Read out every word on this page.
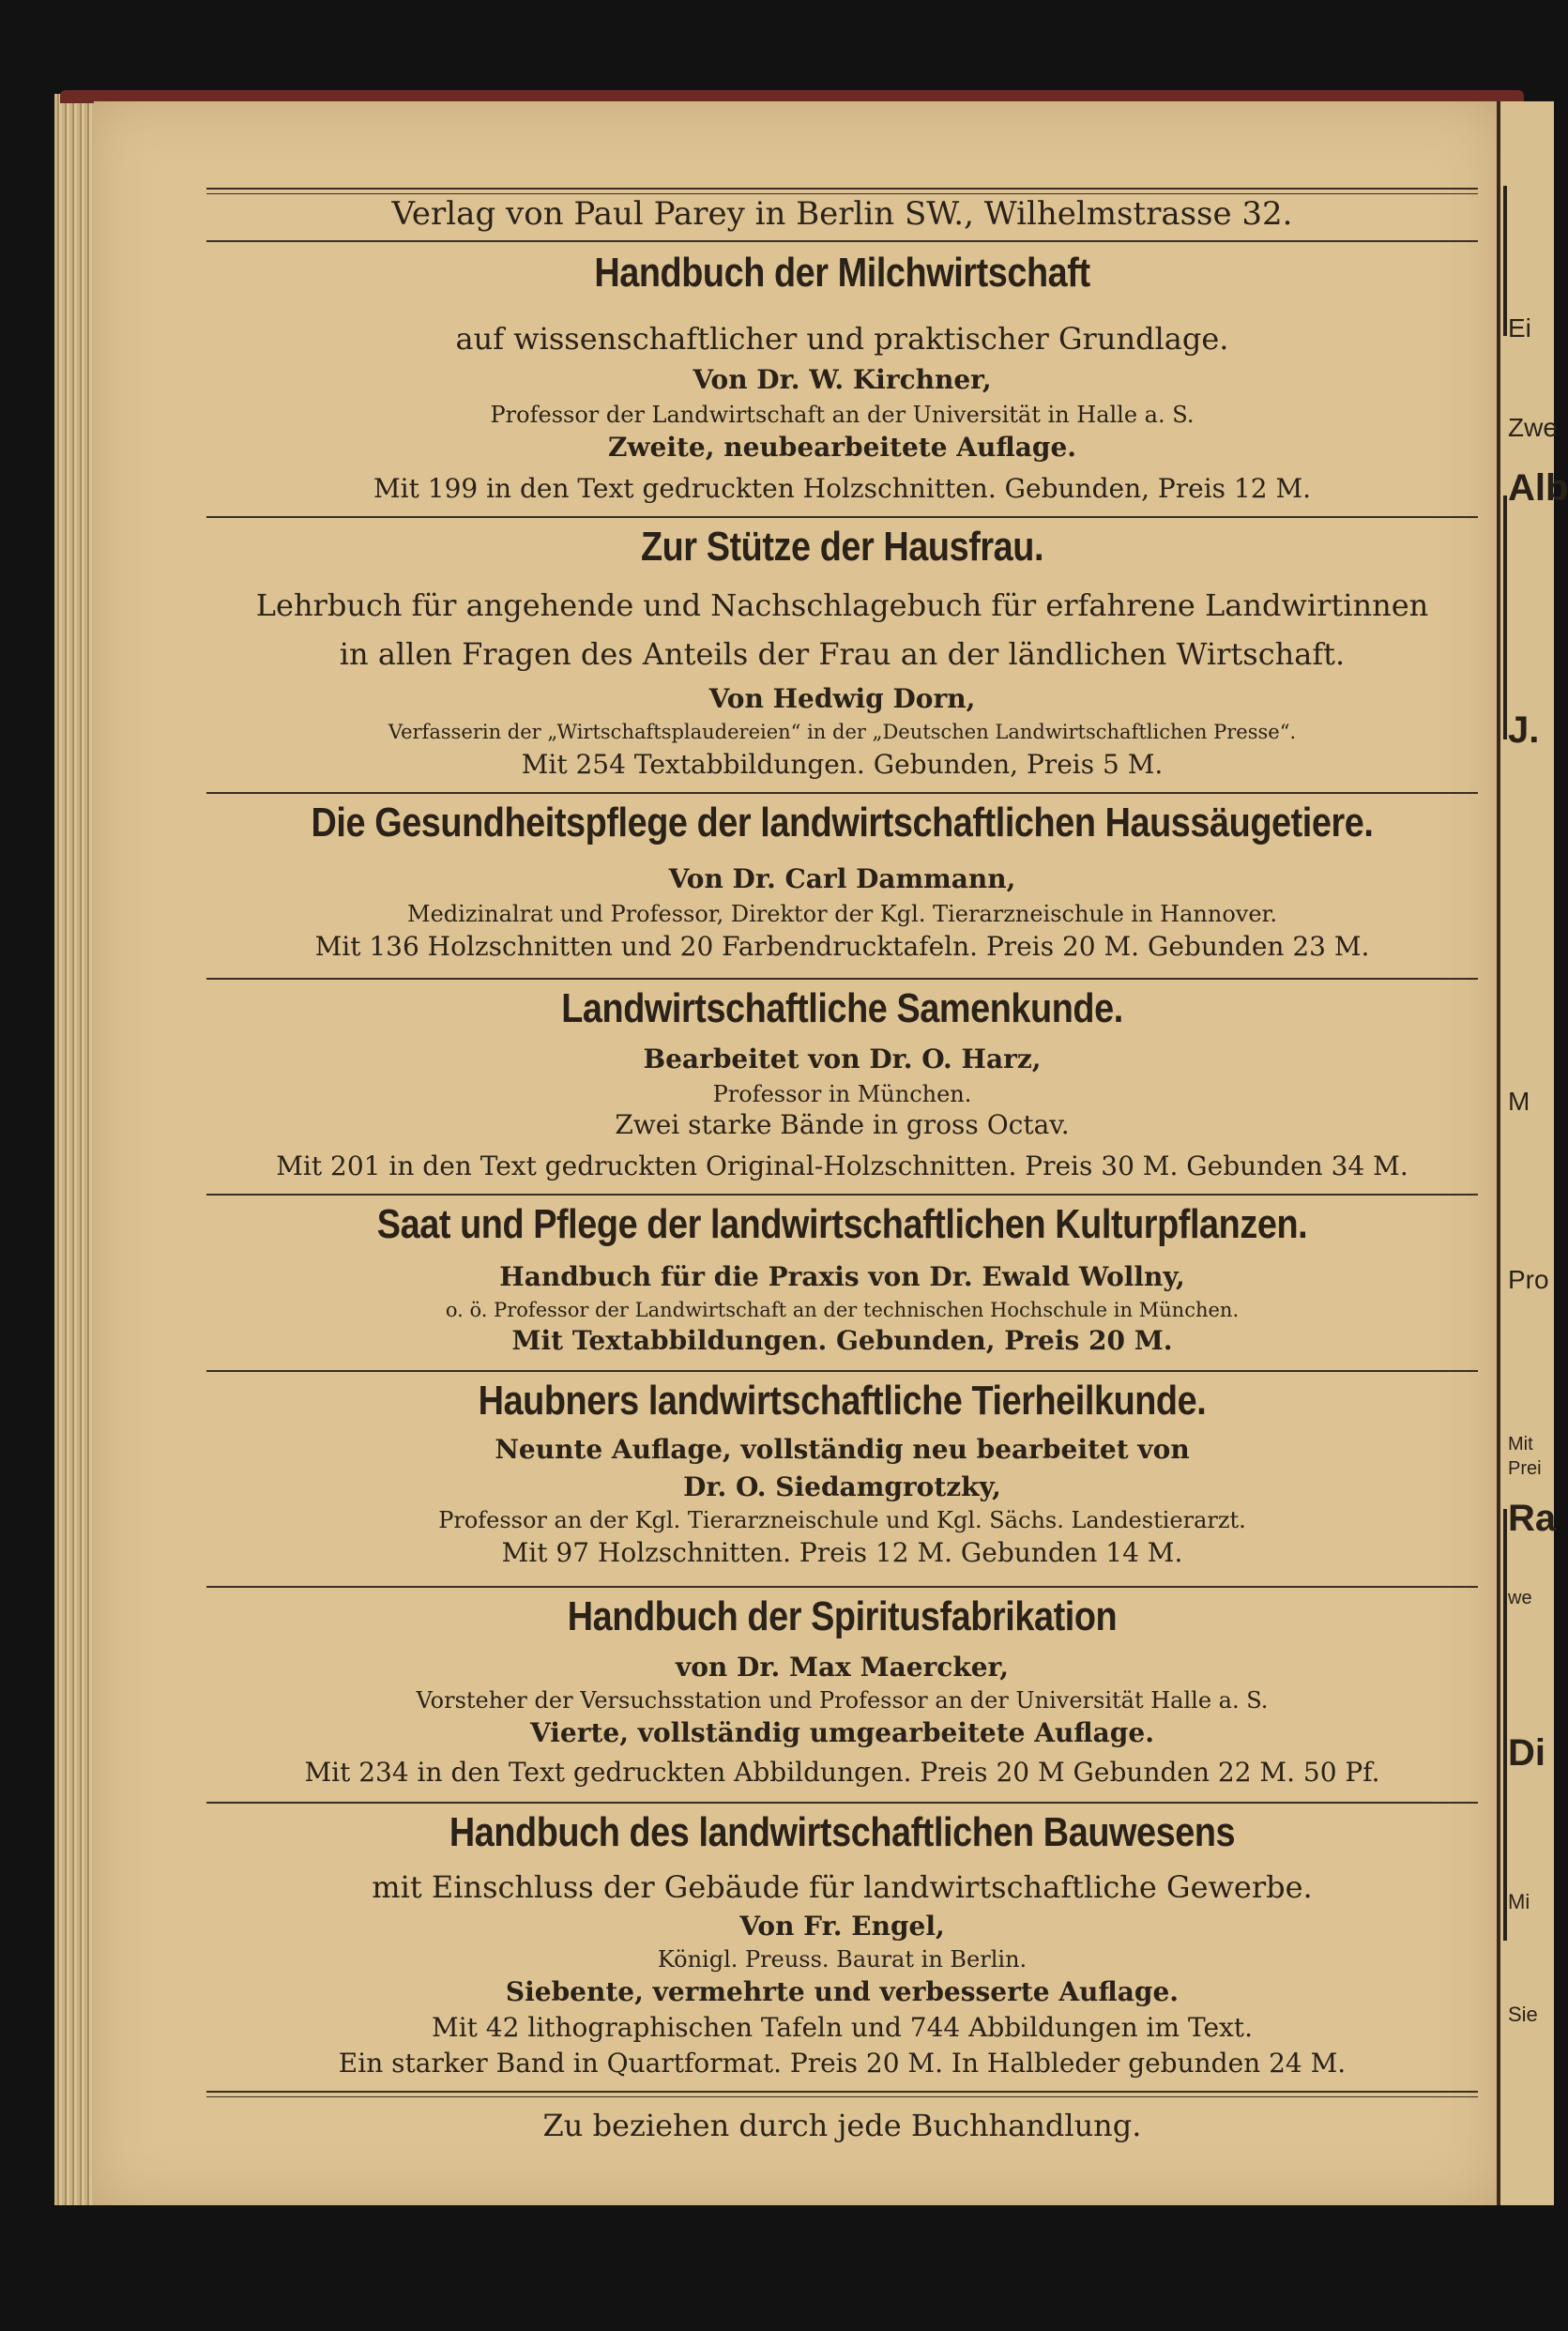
Ei
Zwe
Alb
J.
M
Pro
Mit
Prei
Ra
we
Di
Mi
Sie
Verlag von Paul Parey in Berlin SW., Wilhelmstrasse 32.
Handbuch der Milchwirtschaft
auf wissenschaftlicher und praktischer Grundlage.
Von Dr. W. Kirchner,
Professor der Landwirtschaft an der Universität in Halle a. S.
Zweite, neubearbeitete Auflage.
Mit 199 in den Text gedruckten Holzschnitten. Gebunden, Preis 12 M.
Zur Stütze der Hausfrau.
Lehrbuch für angehende und Nachschlagebuch für erfahrene Landwirtinnen
in allen Fragen des Anteils der Frau an der ländlichen Wirtschaft.
Von Hedwig Dorn,
Verfasserin der „Wirtschaftsplaudereien“ in der „Deutschen Landwirtschaftlichen Presse“.
Mit 254 Textabbildungen. Gebunden, Preis 5 M.
Die Gesundheitspflege der landwirtschaftlichen Haussäugetiere.
Von Dr. Carl Dammann,
Medizinalrat und Professor, Direktor der Kgl. Tierarzneischule in Hannover.
Mit 136 Holzschnitten und 20 Farbendrucktafeln. Preis 20 M. Gebunden 23 M.
Landwirtschaftliche Samenkunde.
Bearbeitet von Dr. O. Harz,
Professor in München.
Zwei starke Bände in gross Octav.
Mit 201 in den Text gedruckten Original-Holzschnitten. Preis 30 M. Gebunden 34 M.
Saat und Pflege der landwirtschaftlichen Kulturpflanzen.
Handbuch für die Praxis von Dr. Ewald Wollny,
o. ö. Professor der Landwirtschaft an der technischen Hochschule in München.
Mit Textabbildungen. Gebunden, Preis 20 M.
Haubners landwirtschaftliche Tierheilkunde.
Neunte Auflage, vollständig neu bearbeitet von
Dr. O. Siedamgrotzky,
Professor an der Kgl. Tierarzneischule und Kgl. Sächs. Landestierarzt.
Mit 97 Holzschnitten. Preis 12 M. Gebunden 14 M.
Handbuch der Spiritusfabrikation
von Dr. Max Maercker,
Vorsteher der Versuchsstation und Professor an der Universität Halle a. S.
Vierte, vollständig umgearbeitete Auflage.
Mit 234 in den Text gedruckten Abbildungen. Preis 20 M Gebunden 22 M. 50 Pf.
Handbuch des landwirtschaftlichen Bauwesens
mit Einschluss der Gebäude für landwirtschaftliche Gewerbe.
Von Fr. Engel,
Königl. Preuss. Baurat in Berlin.
Siebente, vermehrte und verbesserte Auflage.
Mit 42 lithographischen Tafeln und 744 Abbildungen im Text.
Ein starker Band in Quartformat. Preis 20 M. In Halbleder gebunden 24 M.
Zu beziehen durch jede Buchhandlung.
